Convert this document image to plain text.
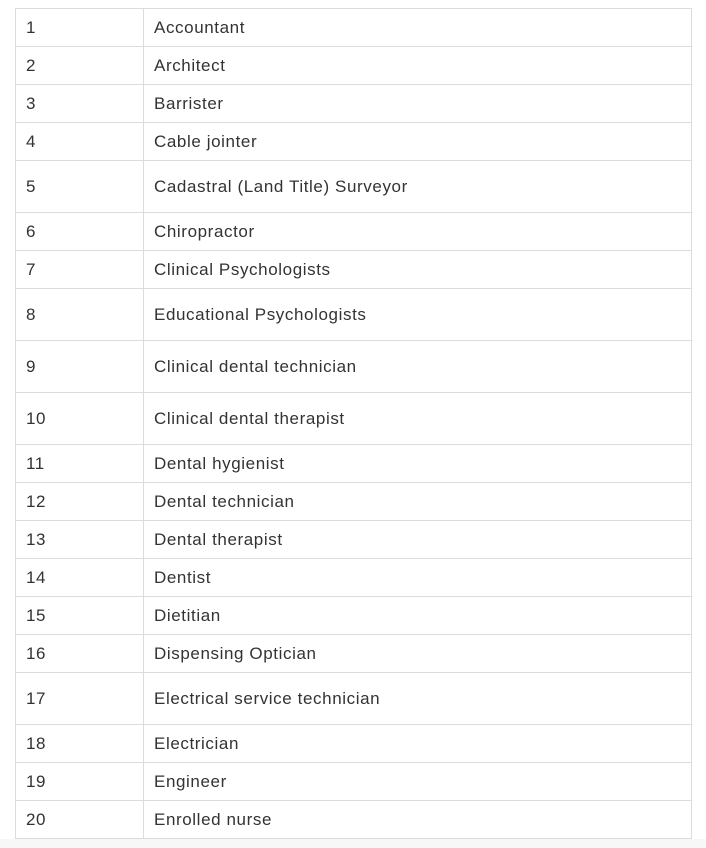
1	Accountant
2	Architect
3	Barrister
4	Cable jointer
5	Cadastral (Land Title) Surveyor
6	Chiropractor
7	Clinical Psychologists
8	Educational Psychologists
9	Clinical dental technician
10	Clinical dental therapist
11	Dental hygienist
12	Dental technician
13	Dental therapist
14	Dentist
15	Dietitian
16	Dispensing Optician
17	Electrical service technician
18	Electrician
19	Engineer
20	Enrolled nurse
